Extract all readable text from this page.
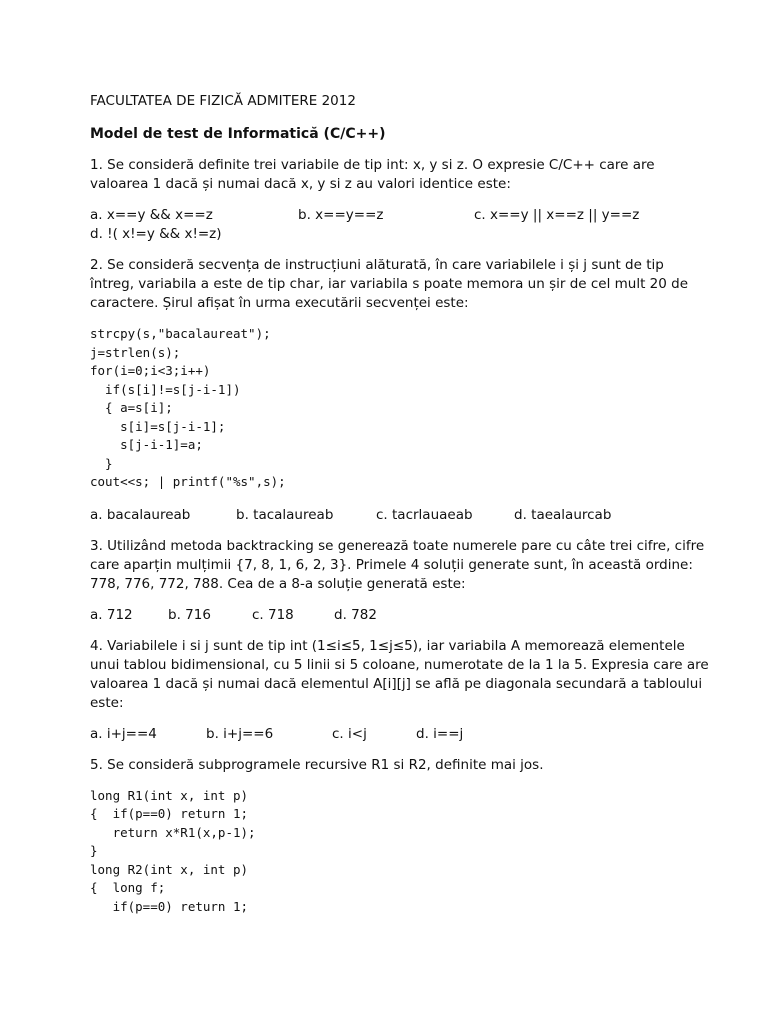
FACULTATEA DE FIZICĂ ADMITERE 2012
Model de test de Informatică (C/C++)
1. Se consideră definite trei variabile de tip int: x, y si z. O expresie C/C++ care are valoarea 1 dacă și numai dacă x, y si z au valori identice este:
a. x==y && x==z	b. x==y==z	c. x==y || x==z || y==z
d. !( x!=y && x!=z)
2. Se consideră secvența de instrucțiuni alăturată, în care variabilele i și j sunt de tip întreg, variabila a este de tip char, iar variabila s poate memora un șir de cel mult 20 de caractere. Șirul afișat în urma executării secvenței este:
strcpy(s,"bacalaureat");
j=strlen(s);
for(i=0;i<3;i++)
if(s[i]!=s[j-i-1])
{ a=s[i];
s[i]=s[j-i-1];
s[j-i-1]=a;
}
cout<<s; | printf("%s",s);
a. bacalaureab	b. tacalaureab	c. tacrlauaeab	d. taealaurcab
3. Utilizând metoda backtracking se generează toate numerele pare cu câte trei cifre, cifre care aparțin mulțimii {7, 8, 1, 6, 2, 3}. Primele 4 soluții generate sunt, în această ordine: 778, 776, 772, 788. Cea de a 8-a soluție generată este:
a. 712	b. 716	c. 718	d. 782
4. Variabilele i si j sunt de tip int (1≤i≤5, 1≤j≤5), iar variabila A memorează elementele unui tablou bidimensional, cu 5 linii si 5 coloane, numerotate de la 1 la 5. Expresia care are valoarea 1 dacă și numai dacă elementul A[i][j] se află pe diagonala secundară a tabloului este:
a. i+j==4	b. i+j==6	c. i<j	d. i==j
5. Se consideră subprogramele recursive R1 si R2, definite mai jos.
long R1(int x, int p)
{  if(p==0) return 1;
return x*R1(x,p-1);
}
long R2(int x, int p)
{  long f;
if(p==0) return 1;
